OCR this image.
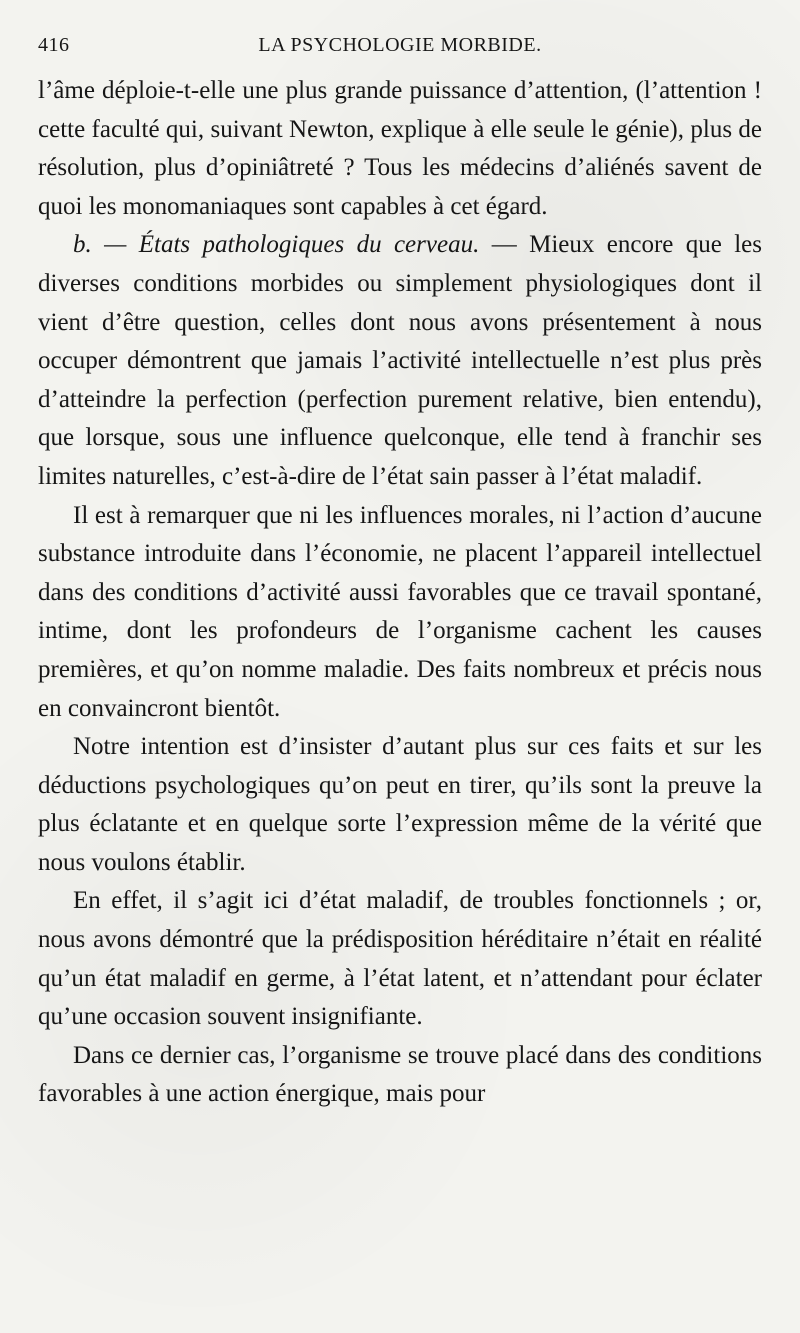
416	LA PSYCHOLOGIE MORBIDE.

l’âme déploie-t-elle une plus grande puissance d’attention, (l’attention ! cette faculté qui, suivant Newton, explique à elle seule le génie), plus de résolution, plus d’opiniâtreté ? Tous les médecins d’aliénés savent de quoi les monomaniaques sont capables à cet égard.

b. — États pathologiques du cerveau. — Mieux encore que les diverses conditions morbides ou simplement physiologiques dont il vient d’être question, celles dont nous avons présentement à nous occuper démontrent que jamais l’activité intellectuelle n’est plus près d’atteindre la perfection (perfection purement relative, bien entendu), que lorsque, sous une influence quelconque, elle tend à franchir ses limites naturelles, c’est-à-dire de l’état sain passer à l’état maladif.

Il est à remarquer que ni les influences morales, ni l’action d’aucune substance introduite dans l’économie, ne placent l’appareil intellectuel dans des conditions d’activité aussi favorables que ce travail spontané, intime, dont les profondeurs de l’organisme cachent les causes premières, et qu’on nomme maladie. Des faits nombreux et précis nous en convaincront bientôt.

Notre intention est d’insister d’autant plus sur ces faits et sur les déductions psychologiques qu’on peut en tirer, qu’ils sont la preuve la plus éclatante et en quelque sorte l’expression même de la vérité que nous voulons établir.

En effet, il s’agit ici d’état maladif, de troubles fonctionnels ; or, nous avons démontré que la prédisposition héréditaire n’était en réalité qu’un état maladif en germe, à l’état latent, et n’attendant pour éclater qu’une occasion souvent insignifiante.

Dans ce dernier cas, l’organisme se trouve placé dans des conditions favorables à une action énergique, mais pour
